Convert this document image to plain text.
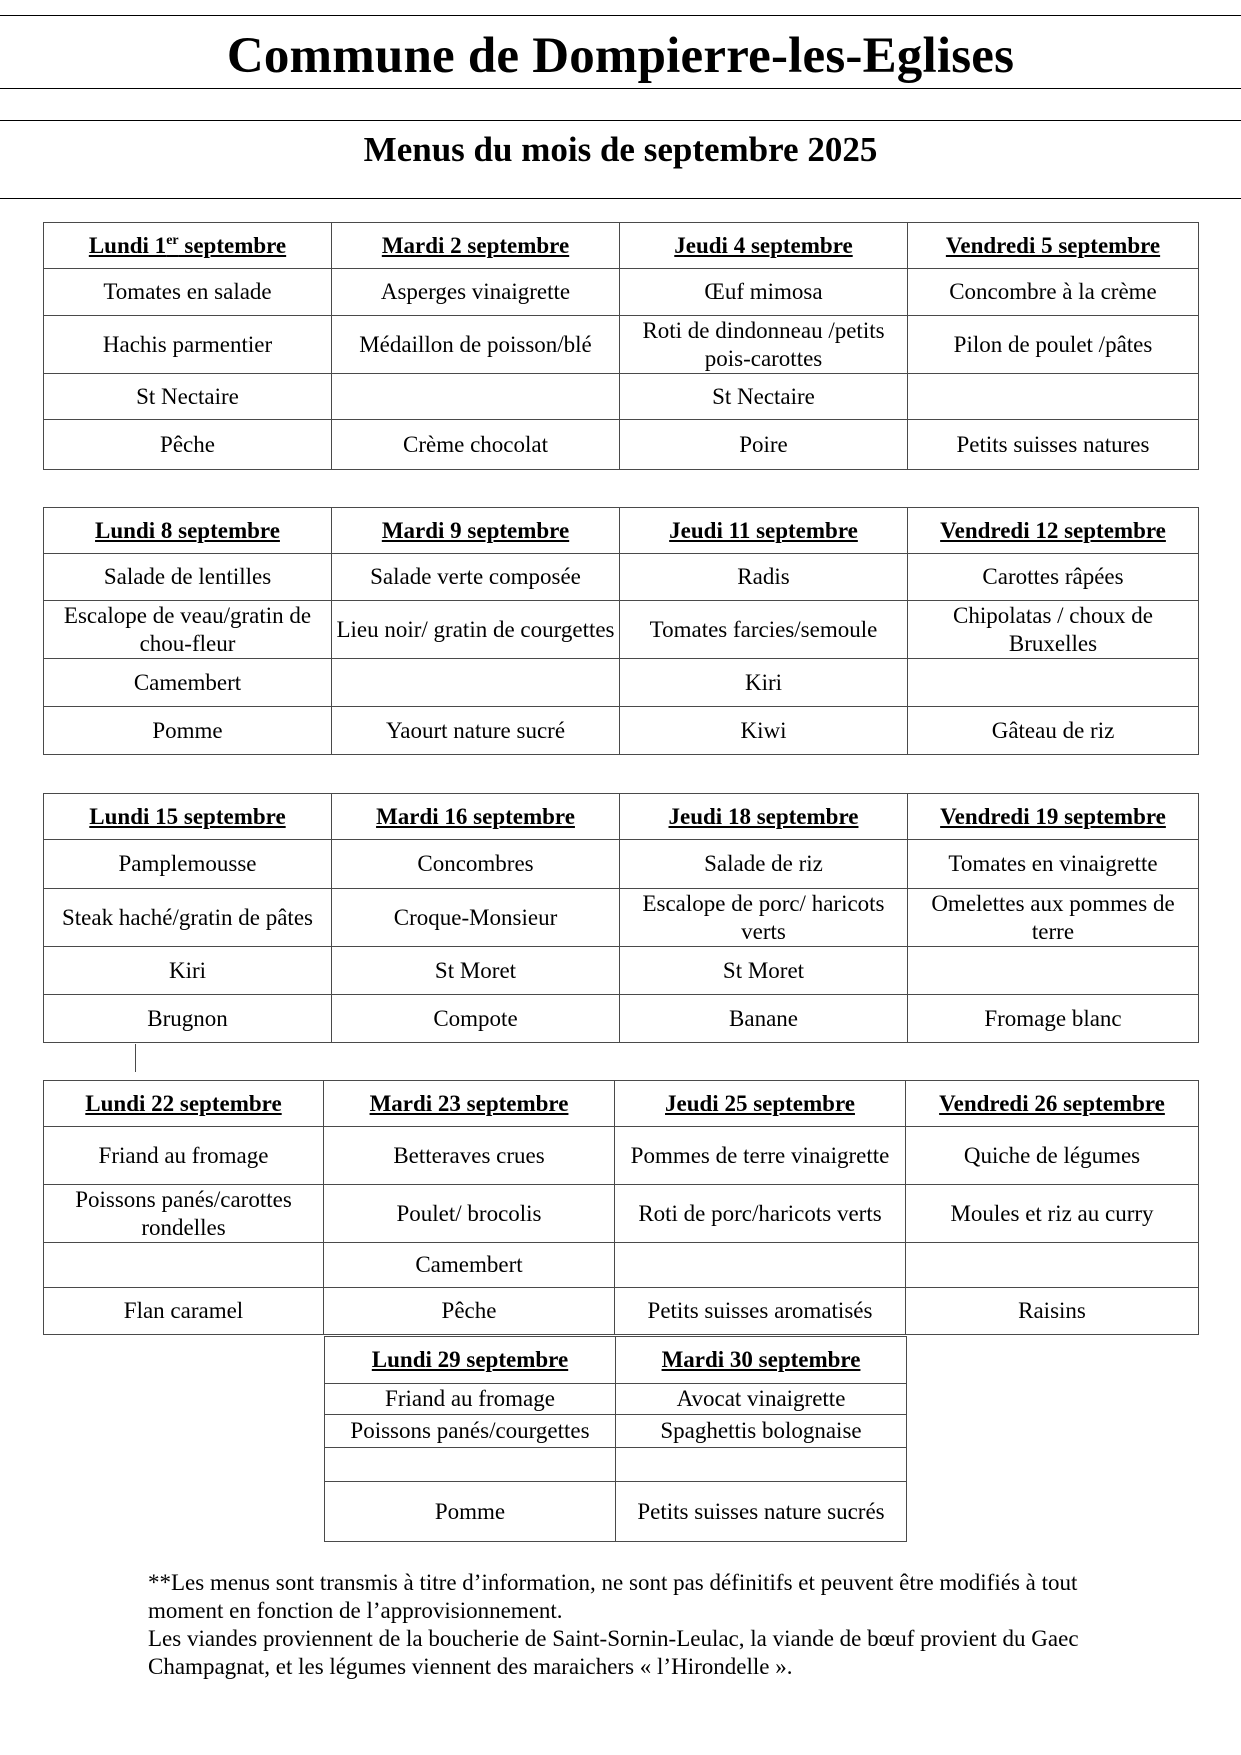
Commune de Dompierre-les-Eglises
Menus du mois de septembre 2025
Lundi 1er septembre	Mardi 2 septembre	Jeudi 4 septembre	Vendredi 5 septembre
Tomates en salade	Asperges vinaigrette	Œuf mimosa	Concombre à la crème
Hachis parmentier	Médaillon de poisson/blé	Roti de dindonneau /petits pois-carottes	Pilon de poulet /pâtes
St Nectaire		St Nectaire	
Pêche	Crème chocolat	Poire	Petits suisses natures
Lundi 8 septembre	Mardi 9 septembre	Jeudi 11 septembre	Vendredi 12 septembre
Salade de lentilles	Salade verte composée	Radis	Carottes râpées
Escalope de veau/gratin de chou-fleur	Lieu noir/ gratin de courgettes	Tomates farcies/semoule	Chipolatas / choux de Bruxelles
Camembert		Kiri	
Pomme	Yaourt nature sucré	Kiwi	Gâteau de riz
Lundi 15 septembre	Mardi 16 septembre	Jeudi 18 septembre	Vendredi 19 septembre
Pamplemousse	Concombres	Salade de riz	Tomates en vinaigrette
Steak haché/gratin de pâtes	Croque-Monsieur	Escalope de porc/ haricots verts	Omelettes aux pommes de terre
Kiri	St Moret	St Moret	
Brugnon	Compote	Banane	Fromage blanc
Lundi 22 septembre	Mardi 23 septembre	Jeudi 25 septembre	Vendredi 26 septembre
Friand au fromage	Betteraves crues	Pommes de terre vinaigrette	Quiche de légumes
Poissons panés/carottes rondelles	Poulet/ brocolis	Roti de porc/haricots verts	Moules et riz au curry
	Camembert		
Flan caramel	Pêche	Petits suisses aromatisés	Raisins
Lundi 29 septembre	Mardi 30 septembre
Friand au fromage	Avocat vinaigrette
Poissons panés/courgettes	Spaghettis bolognaise

Pomme	Petits suisses nature sucrés

**Les menus sont transmis à titre d’information, ne sont pas définitifs et peuvent être modifiés à tout moment en fonction de l’approvisionnement.

Les viandes proviennent de la boucherie de Saint-Sornin-Leulac, la viande de bœuf provient du Gaec Champagnat, et les légumes viennent des maraichers « l’Hirondelle ».
